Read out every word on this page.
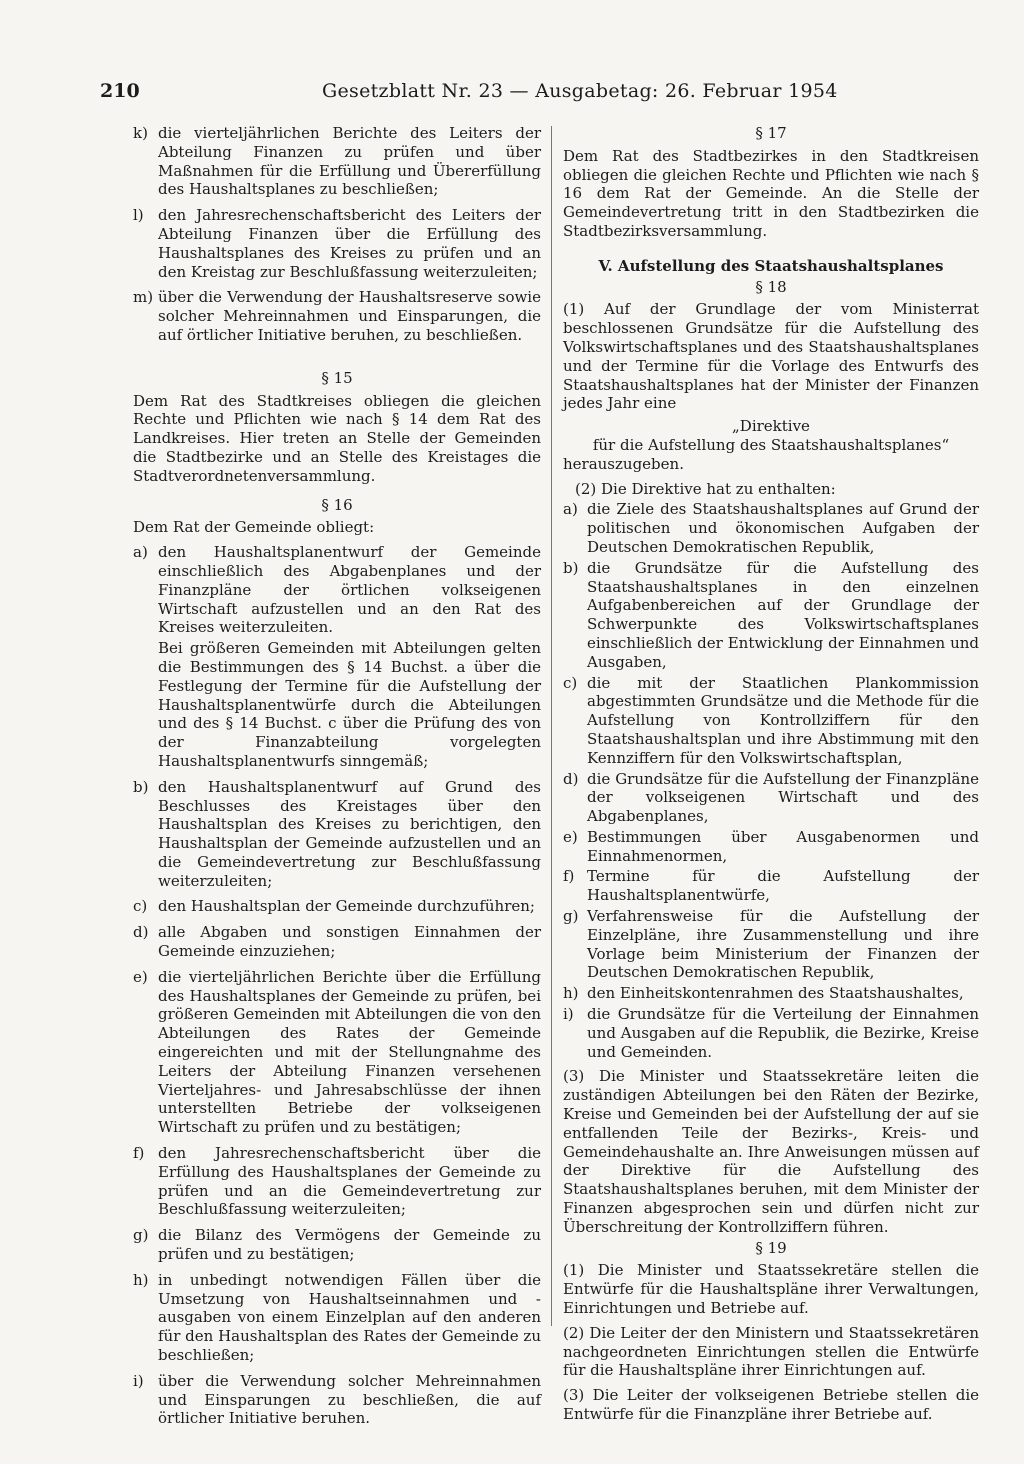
210	Gesetzblatt Nr. 23 — Ausgabetag: 26. Februar 1954
k) die vierteljährlichen Berichte des Leiters der Abteilung Finanzen zu prüfen und über Maßnahmen für die Erfüllung und Übererfüllung des Haushaltsplanes zu beschließen;
l) den Jahresrechenschaftsbericht des Leiters der Abteilung Finanzen über die Erfüllung des Haushaltsplanes des Kreises zu prüfen und an den Kreistag zur Beschlußfassung weiterzuleiten;
m) über die Verwendung der Haushaltsreserve sowie solcher Mehreinnahmen und Einsparungen, die auf örtlicher Initiative beruhen, zu beschließen.
§ 15

Dem Rat des Stadtkreises obliegen die gleichen Rechte und Pflichten wie nach § 14 dem Rat des Landkreises. Hier treten an Stelle der Gemeinden die Stadtbezirke und an Stelle des Kreistages die Stadtverordnetenversammlung.

§ 16

Dem Rat der Gemeinde obliegt:

a) den Haushaltsplanentwurf der Gemeinde einschließlich des Abgabenplanes und der Finanzpläne der örtlichen volkseigenen Wirtschaft aufzustellen und an den Rat des Kreises weiterzuleiten.

Bei größeren Gemeinden mit Abteilungen gelten die Bestimmungen des § 14 Buchst. a über die Festlegung der Termine für die Aufstellung der Haushaltsplanentwürfe durch die Abteilungen und des § 14 Buchst. c über die Prüfung des von der Finanzabteilung vorgelegten Haushaltsplanentwurfs sinngemäß;

b) den Haushaltsplanentwurf auf Grund des Beschlusses des Kreistages über den Haushaltsplan des Kreises zu berichtigen, den Haushaltsplan der Gemeinde aufzustellen und an die Gemeindevertretung zur Beschlußfassung weiterzuleiten;
c) den Haushaltsplan der Gemeinde durchzuführen;
d) alle Abgaben und sonstigen Einnahmen der Gemeinde einzuziehen;
e) die vierteljährlichen Berichte über die Erfüllung des Haushaltsplanes der Gemeinde zu prüfen, bei größeren Gemeinden mit Abteilungen die von den Abteilungen des Rates der Gemeinde eingereichten und mit der Stellungnahme des Leiters der Abteilung Finanzen versehenen Vierteljahres- und Jahresabschlüsse der ihnen unterstellten Betriebe der volkseigenen Wirtschaft zu prüfen und zu bestätigen;
f) den Jahresrechenschaftsbericht über die Erfüllung des Haushaltsplanes der Gemeinde zu prüfen und an die Gemeindevertretung zur Beschlußfassung weiterzuleiten;
g) die Bilanz des Vermögens der Gemeinde zu prüfen und zu bestätigen;
h) in unbedingt notwendigen Fällen über die Umsetzung von Haushaltseinnahmen und -ausgaben von einem Einzelplan auf den anderen für den Haushaltsplan des Rates der Gemeinde zu beschließen;
i) über die Verwendung solcher Mehreinnahmen und Einsparungen zu beschließen, die auf örtlicher Initiative beruhen.
§ 17

Dem Rat des Stadtbezirkes in den Stadtkreisen obliegen die gleichen Rechte und Pflichten wie nach § 16 dem Rat der Gemeinde. An die Stelle der Gemeindevertretung tritt in den Stadtbezirken die Stadtbezirksversammlung.

V. Aufstellung des Staatshaushaltsplanes
§ 18

(1) Auf der Grundlage der vom Ministerrat beschlossenen Grundsätze für die Aufstellung des Volkswirtschaftsplanes und des Staatshaushaltsplanes und der Termine für die Vorlage des Entwurfs des Staatshaushaltsplanes hat der Minister der Finanzen jedes Jahr eine

„Direktive
für die Aufstellung des Staatshaushaltsplanes“

herauszugeben.

(2) Die Direktive hat zu enthalten:

a) die Ziele des Staatshaushaltsplanes auf Grund der politischen und ökonomischen Aufgaben der Deutschen Demokratischen Republik,
b) die Grundsätze für die Aufstellung des Staatshaushaltsplanes in den einzelnen Aufgabenbereichen auf der Grundlage der Schwerpunkte des Volkswirtschaftsplanes einschließlich der Entwicklung der Einnahmen und Ausgaben,
c) die mit der Staatlichen Plankommission abgestimmten Grundsätze und die Methode für die Aufstellung von Kontrollziffern für den Staatshaushaltsplan und ihre Abstimmung mit den Kennziffern für den Volkswirtschaftsplan,
d) die Grundsätze für die Aufstellung der Finanzpläne der volkseigenen Wirtschaft und des Abgabenplanes,
e) Bestimmungen über Ausgabenormen und Einnahmenormen,
f) Termine für die Aufstellung der Haushaltsplanentwürfe,
g) Verfahrensweise für die Aufstellung der Einzelpläne, ihre Zusammenstellung und ihre Vorlage beim Ministerium der Finanzen der Deutschen Demokratischen Republik,
h) den Einheitskontenrahmen des Staatshaushaltes,
i) die Grundsätze für die Verteilung der Einnahmen und Ausgaben auf die Republik, die Bezirke, Kreise und Gemeinden.

(3) Die Minister und Staatssekretäre leiten die zuständigen Abteilungen bei den Räten der Bezirke, Kreise und Gemeinden bei der Aufstellung der auf sie entfallenden Teile der Bezirks-, Kreis- und Gemeindehaushalte an. Ihre Anweisungen müssen auf der Direktive für die Aufstellung des Staatshaushaltsplanes beruhen, mit dem Minister der Finanzen abgesprochen sein und dürfen nicht zur Überschreitung der Kontrollziffern führen.

§ 19

(1) Die Minister und Staatssekretäre stellen die Entwürfe für die Haushaltspläne ihrer Verwaltungen, Einrichtungen und Betriebe auf.

(2) Die Leiter der den Ministern und Staatssekretären nachgeordneten Einrichtungen stellen die Entwürfe für die Haushaltspläne ihrer Einrichtungen auf.

(3) Die Leiter der volkseigenen Betriebe stellen die Entwürfe für die Finanzpläne ihrer Betriebe auf.
